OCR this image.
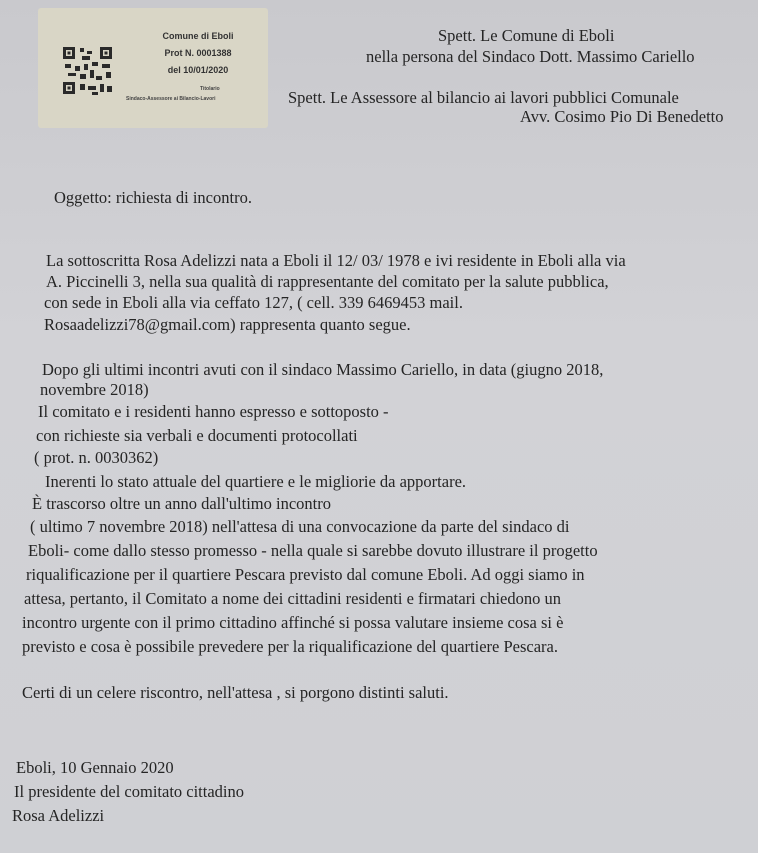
Comune di Eboli
Prot N. 0001388
del 10/01/2020
Titolario
Sindaco-Assessore ai Bilancio-Lavori
Spett. Le Comune di Eboli
nella persona del Sindaco Dott. Massimo Cariello
Spett. Le Assessore al bilancio ai lavori pubblici Comunale
Avv. Cosimo Pio Di Benedetto
Oggetto: richiesta di incontro.
La sottoscritta Rosa Adelizzi nata a Eboli il 12/ 03/ 1978 e ivi residente in Eboli alla via
A. Piccinelli 3, nella sua qualità di rappresentante del comitato per la salute pubblica,
con sede in Eboli alla via ceffato 127, ( cell. 339 6469453 mail.
Rosaadelizzi78@gmail.com) rappresenta quanto segue.
Dopo gli ultimi incontri avuti con il sindaco Massimo Cariello, in data (giugno 2018,
novembre 2018)
Il comitato e i residenti hanno espresso e sottoposto -
con richieste sia verbali e documenti protocollati
( prot. n. 0030362)
Inerenti lo stato attuale del quartiere e le migliorie da apportare.
È trascorso oltre un anno dall'ultimo incontro
( ultimo 7 novembre 2018) nell'attesa di una convocazione da parte del sindaco di
Eboli- come dallo stesso promesso - nella quale si sarebbe dovuto illustrare il progetto
riqualificazione per il quartiere Pescara previsto dal comune Eboli. Ad oggi siamo in
attesa, pertanto, il Comitato a nome dei cittadini residenti e firmatari chiedono un
incontro urgente con il primo cittadino affinché si possa valutare insieme cosa si è
previsto e cosa è possibile prevedere per la riqualificazione del quartiere Pescara.
Certi di un celere riscontro, nell'attesa , si porgono distinti saluti.
Eboli, 10 Gennaio 2020
Il presidente del comitato cittadino
Rosa Adelizzi
